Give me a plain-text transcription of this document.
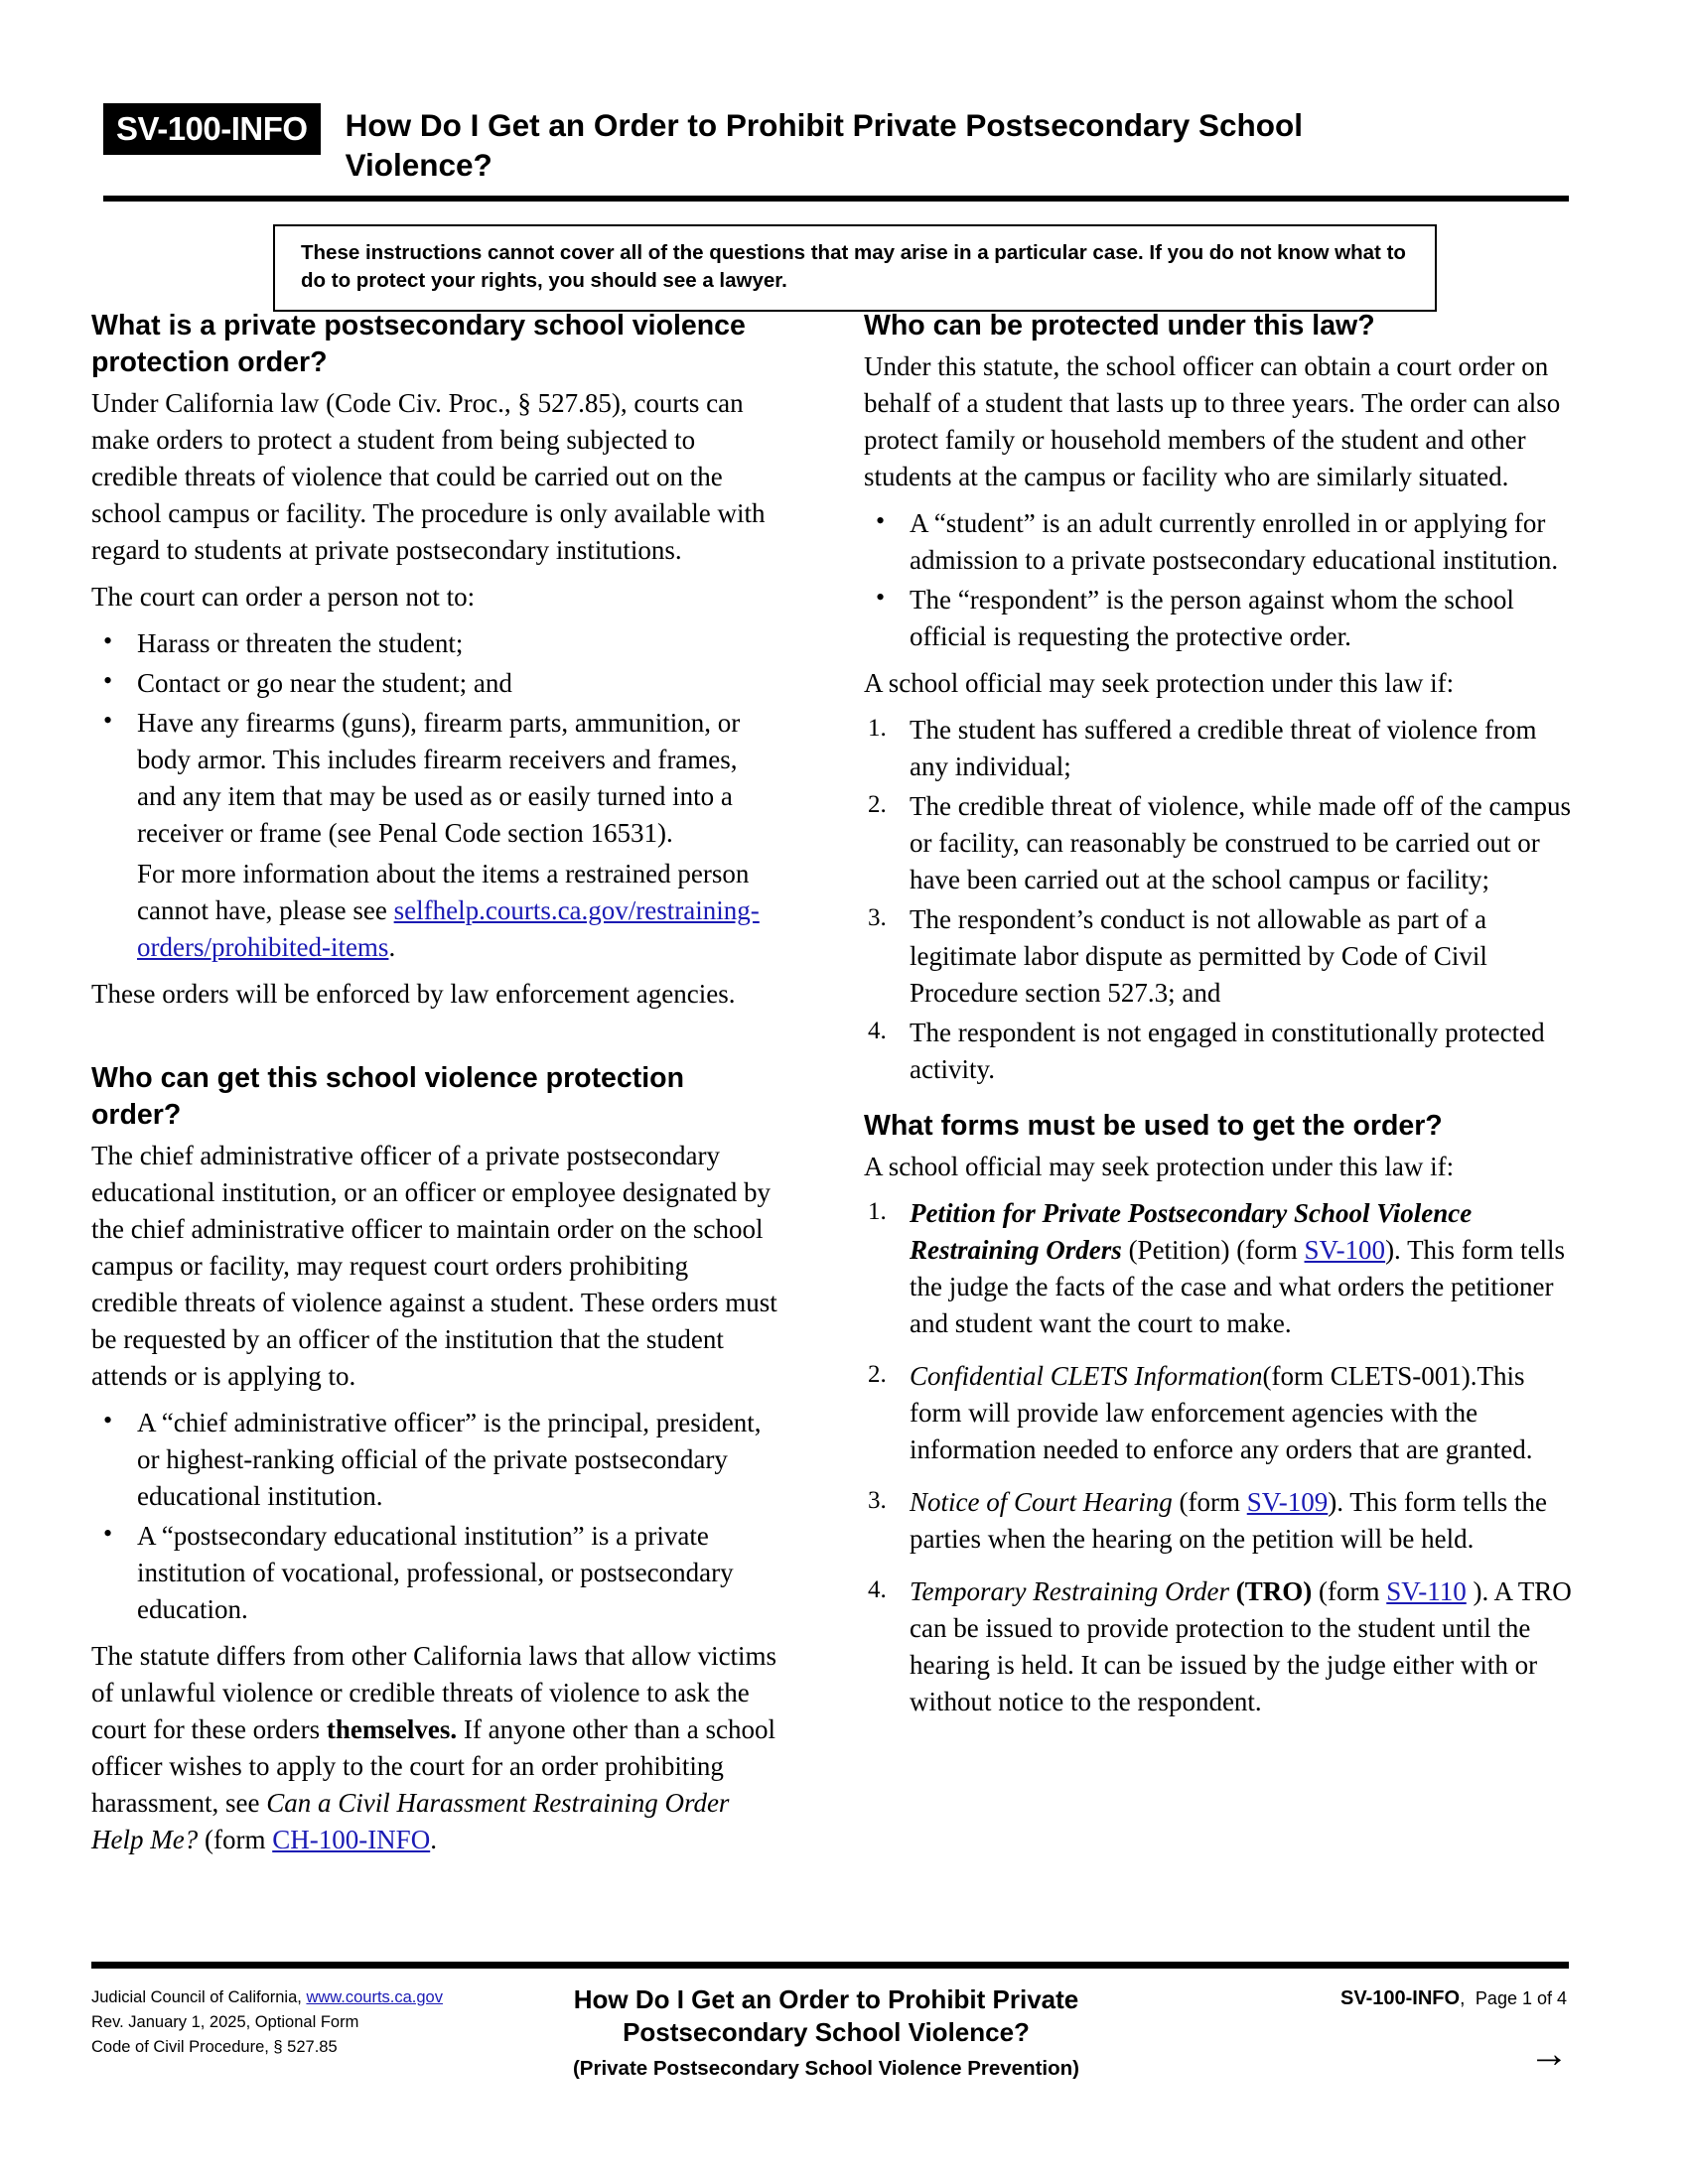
SV-100-INFO	How Do I Get an Order to Prohibit Private Postsecondary School Violence?
These instructions cannot cover all of the questions that may arise in a particular case. If you do not know what to do to protect your rights, you should see a lawyer.
What is a private postsecondary school violence protection order?

Under California law (Code Civ. Proc., § 527.85), courts can make orders to protect a student from being subjected to credible threats of violence that could be carried out on the school campus or facility. The procedure is only available with regard to students at private postsecondary institutions.

The court can order a person not to:

• Harass or threaten the student;
• Contact or go near the student; and
• Have any firearms (guns), firearm parts, ammunition, or body armor. This includes firearm receivers and frames, and any item that may be used as or easily turned into a receiver or frame (see Penal Code section 16531).
For more information about the items a restrained person cannot have, please see selfhelp.courts.ca.gov/restraining-orders/prohibited-items.

These orders will be enforced by law enforcement agencies.

Who can get this school violence protection order?

The chief administrative officer of a private postsecondary educational institution, or an officer or employee designated by the chief administrative officer to maintain order on the school campus or facility, may request court orders prohibiting credible threats of violence against a student. These orders must be requested by an officer of the institution that the student attends or is applying to.

• A “chief administrative officer” is the principal, president, or highest-ranking official of the private postsecondary educational institution.
• A “postsecondary educational institution” is a private institution of vocational, professional, or postsecondary education.

The statute differs from other California laws that allow victims of unlawful violence or credible threats of violence to ask the court for these orders themselves. If anyone other than a school officer wishes to apply to the court for an order prohibiting harassment, see Can a Civil Harassment Restraining Order Help Me? (form CH-100-INFO.

Who can be protected under this law?

Under this statute, the school officer can obtain a court order on behalf of a student that lasts up to three years. The order can also protect family or household members of the student and other students at the campus or facility who are similarly situated.

• A “student” is an adult currently enrolled in or applying for admission to a private postsecondary educational institution.
• The “respondent” is the person against whom the school official is requesting the protective order.

A school official may seek protection under this law if:

1. The student has suffered a credible threat of violence from any individual;
2. The credible threat of violence, while made off of the campus or facility, can reasonably be construed to be carried out or have been carried out at the school campus or facility;
3. The respondent’s conduct is not allowable as part of a legitimate labor dispute as permitted by Code of Civil Procedure section 527.3; and
4. The respondent is not engaged in constitutionally protected activity.
What forms must be used to get the order?

A school official may seek protection under this law if:

1. Petition for Private Postsecondary School Violence Restraining Orders (Petition) (form SV-100). This form tells the judge the facts of the case and what orders the petitioner and student want the court to make.
2. Confidential CLETS Information(form CLETS-001).This form will provide law enforcement agencies with the information needed to enforce any orders that are granted.
3. Notice of Court Hearing (form SV-109). This form tells the parties when the hearing on the petition will be held.
4. Temporary Restraining Order (TRO) (form SV-110 ). A TRO can be issued to provide protection to the student until the hearing is held. It can be issued by the judge either with or without notice to the respondent.
Judicial Council of California, www.courts.ca.gov
Rev. January 1, 2025, Optional Form
Code of Civil Procedure, § 527.85
How Do I Get an Order to Prohibit Private Postsecondary School Violence?
(Private Postsecondary School Violence Prevention)
SV-100-INFO, Page 1 of 4
→
